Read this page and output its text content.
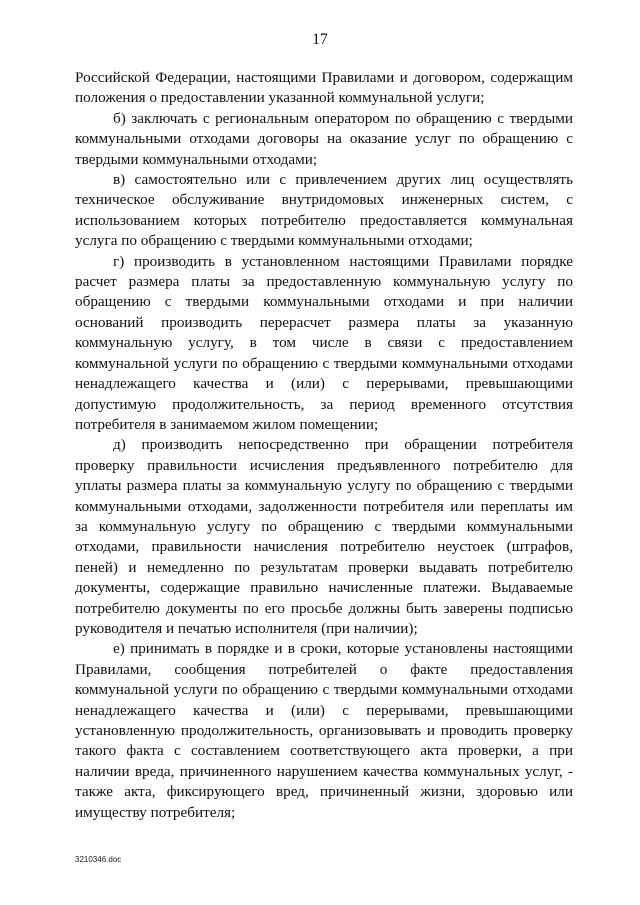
17

Российской Федерации, настоящими Правилами и договором, содержащим положения о предоставлении указанной коммунальной услуги;

б) заключать с региональным оператором по обращению с твердыми коммунальными отходами договоры на оказание услуг по обращению с твердыми коммунальными отходами;

в) самостоятельно или с привлечением других лиц осуществлять техническое обслуживание внутридомовых инженерных систем, с использованием которых потребителю предоставляется коммунальная услуга по обращению с твердыми коммунальными отходами;

г) производить в установленном настоящими Правилами порядке расчет размера платы за предоставленную коммунальную услугу по обращению с твердыми коммунальными отходами и при наличии оснований производить перерасчет размера платы за указанную коммунальную услугу, в том числе в связи с предоставлением коммунальной услуги по обращению с твердыми коммунальными отходами ненадлежащего качества и (или) с перерывами, превышающими допустимую продолжительность, за период временного отсутствия потребителя в занимаемом жилом помещении;

д) производить непосредственно при обращении потребителя проверку правильности исчисления предъявленного потребителю для уплаты размера платы за коммунальную услугу по обращению с твердыми коммунальными отходами, задолженности потребителя или переплаты им за коммунальную услугу по обращению с твердыми коммунальными отходами, правильности начисления потребителю неустоек (штрафов, пеней) и немедленно по результатам проверки выдавать потребителю документы, содержащие правильно начисленные платежи. Выдаваемые потребителю документы по его просьбе должны быть заверены подписью руководителя и печатью исполнителя (при наличии);

е) принимать в порядке и в сроки, которые установлены настоящими Правилами, сообщения потребителей о факте предоставления коммунальной услуги по обращению с твердыми коммунальными отходами ненадлежащего качества и (или) с перерывами, превышающими установленную продолжительность, организовывать и проводить проверку такого факта с составлением соответствующего акта проверки, а при наличии вреда, причиненного нарушением качества коммунальных услуг, - также акта, фиксирующего вред, причиненный жизни, здоровью или имуществу потребителя;

3210346.doc
